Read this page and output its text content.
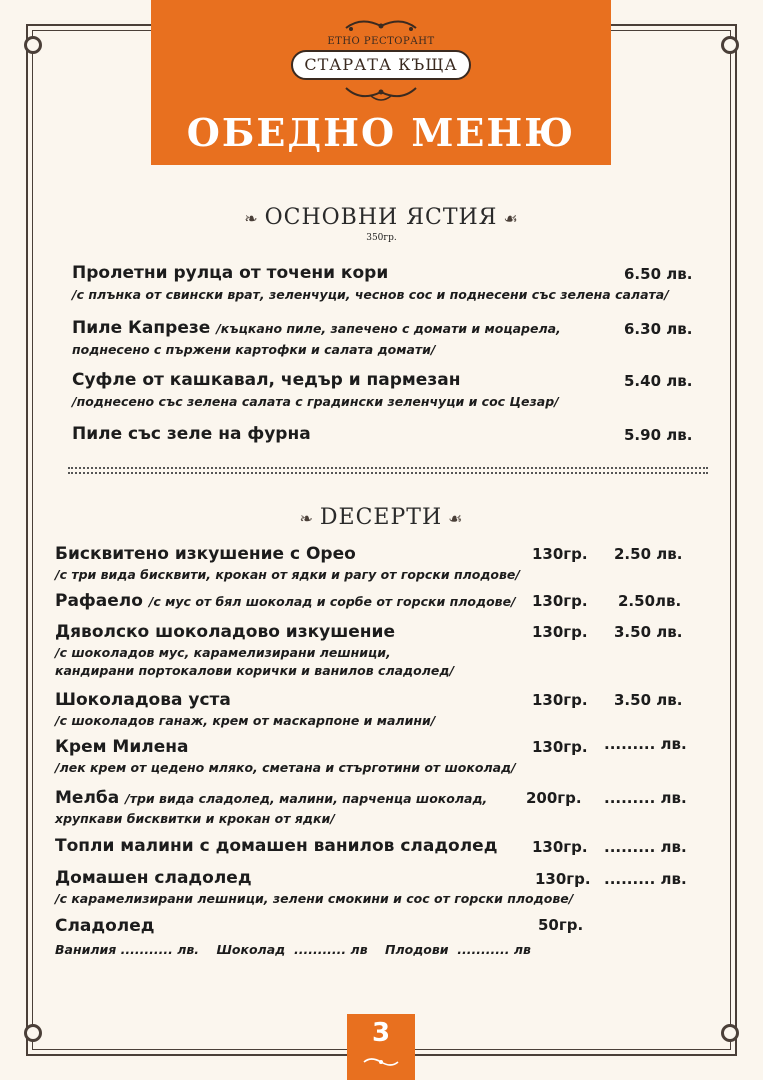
ЕТНО РЕСТОРАНТ
СТАРАТА КЪЩА
ОБЕДНО МЕНЮ
❧ ОСНОВНИ ЯСТИЯ ☙
350гр.
Пролетни рулца от точени кори
/с плънка от свински врат, зеленчуци, чеснов сос и поднесени със зелена салата/
6.50 лв.
Пиле Капрезе /къцкано пиле, запечено с домати и моцарела,
поднесено с пържени картофки и салата домати/
6.30 лв.
Суфле от кашкавал, чедър и пармезан
/поднесено със зелена салата с градински зеленчуци и сос Цезар/
5.40 лв.
Пиле със зеле на фурна	5.90 лв.
❧ DECEРТИ ☙
Бисквитено изкушение с Орео
/с три вида бисквити, крокан от ядки и рагу от горски плодове/
130гр. 2.50 лв.
Рафаело /с мус от бял шоколад и сорбе от горски плодове/ 130гр. 2.50лв.
Дяволско шоколадово изкушение
/с шоколадов мус, карамелизирани лешници,
кандирани портокалови корички и ванилов сладолед/
130гр. 3.50 лв.
Шоколадова уста
/с шоколадов ганаж, крем от маскарпоне и малини/
130гр. 3.50 лв.
Крем Милена
/лек крем от цедено мляко, сметана и стърготини от шоколад/
130гр. ......... лв.
Мелба /три вида сладолед, малини, парченца шоколад,
хрупкави бисквитки и крокан от ядки/
200гр. ......... лв.
Топли малини с домашен ванилов сладолед 130гр. ......... лв.
Домашен сладолед
/с карамелизирани лешници, зелени смокини и сос от горски плодове/
130гр. ......... лв.
Сладолед
Ванилия ........... лв.    Шоколад  ........... лв    Плодови  ........... лв
50гр.
3
